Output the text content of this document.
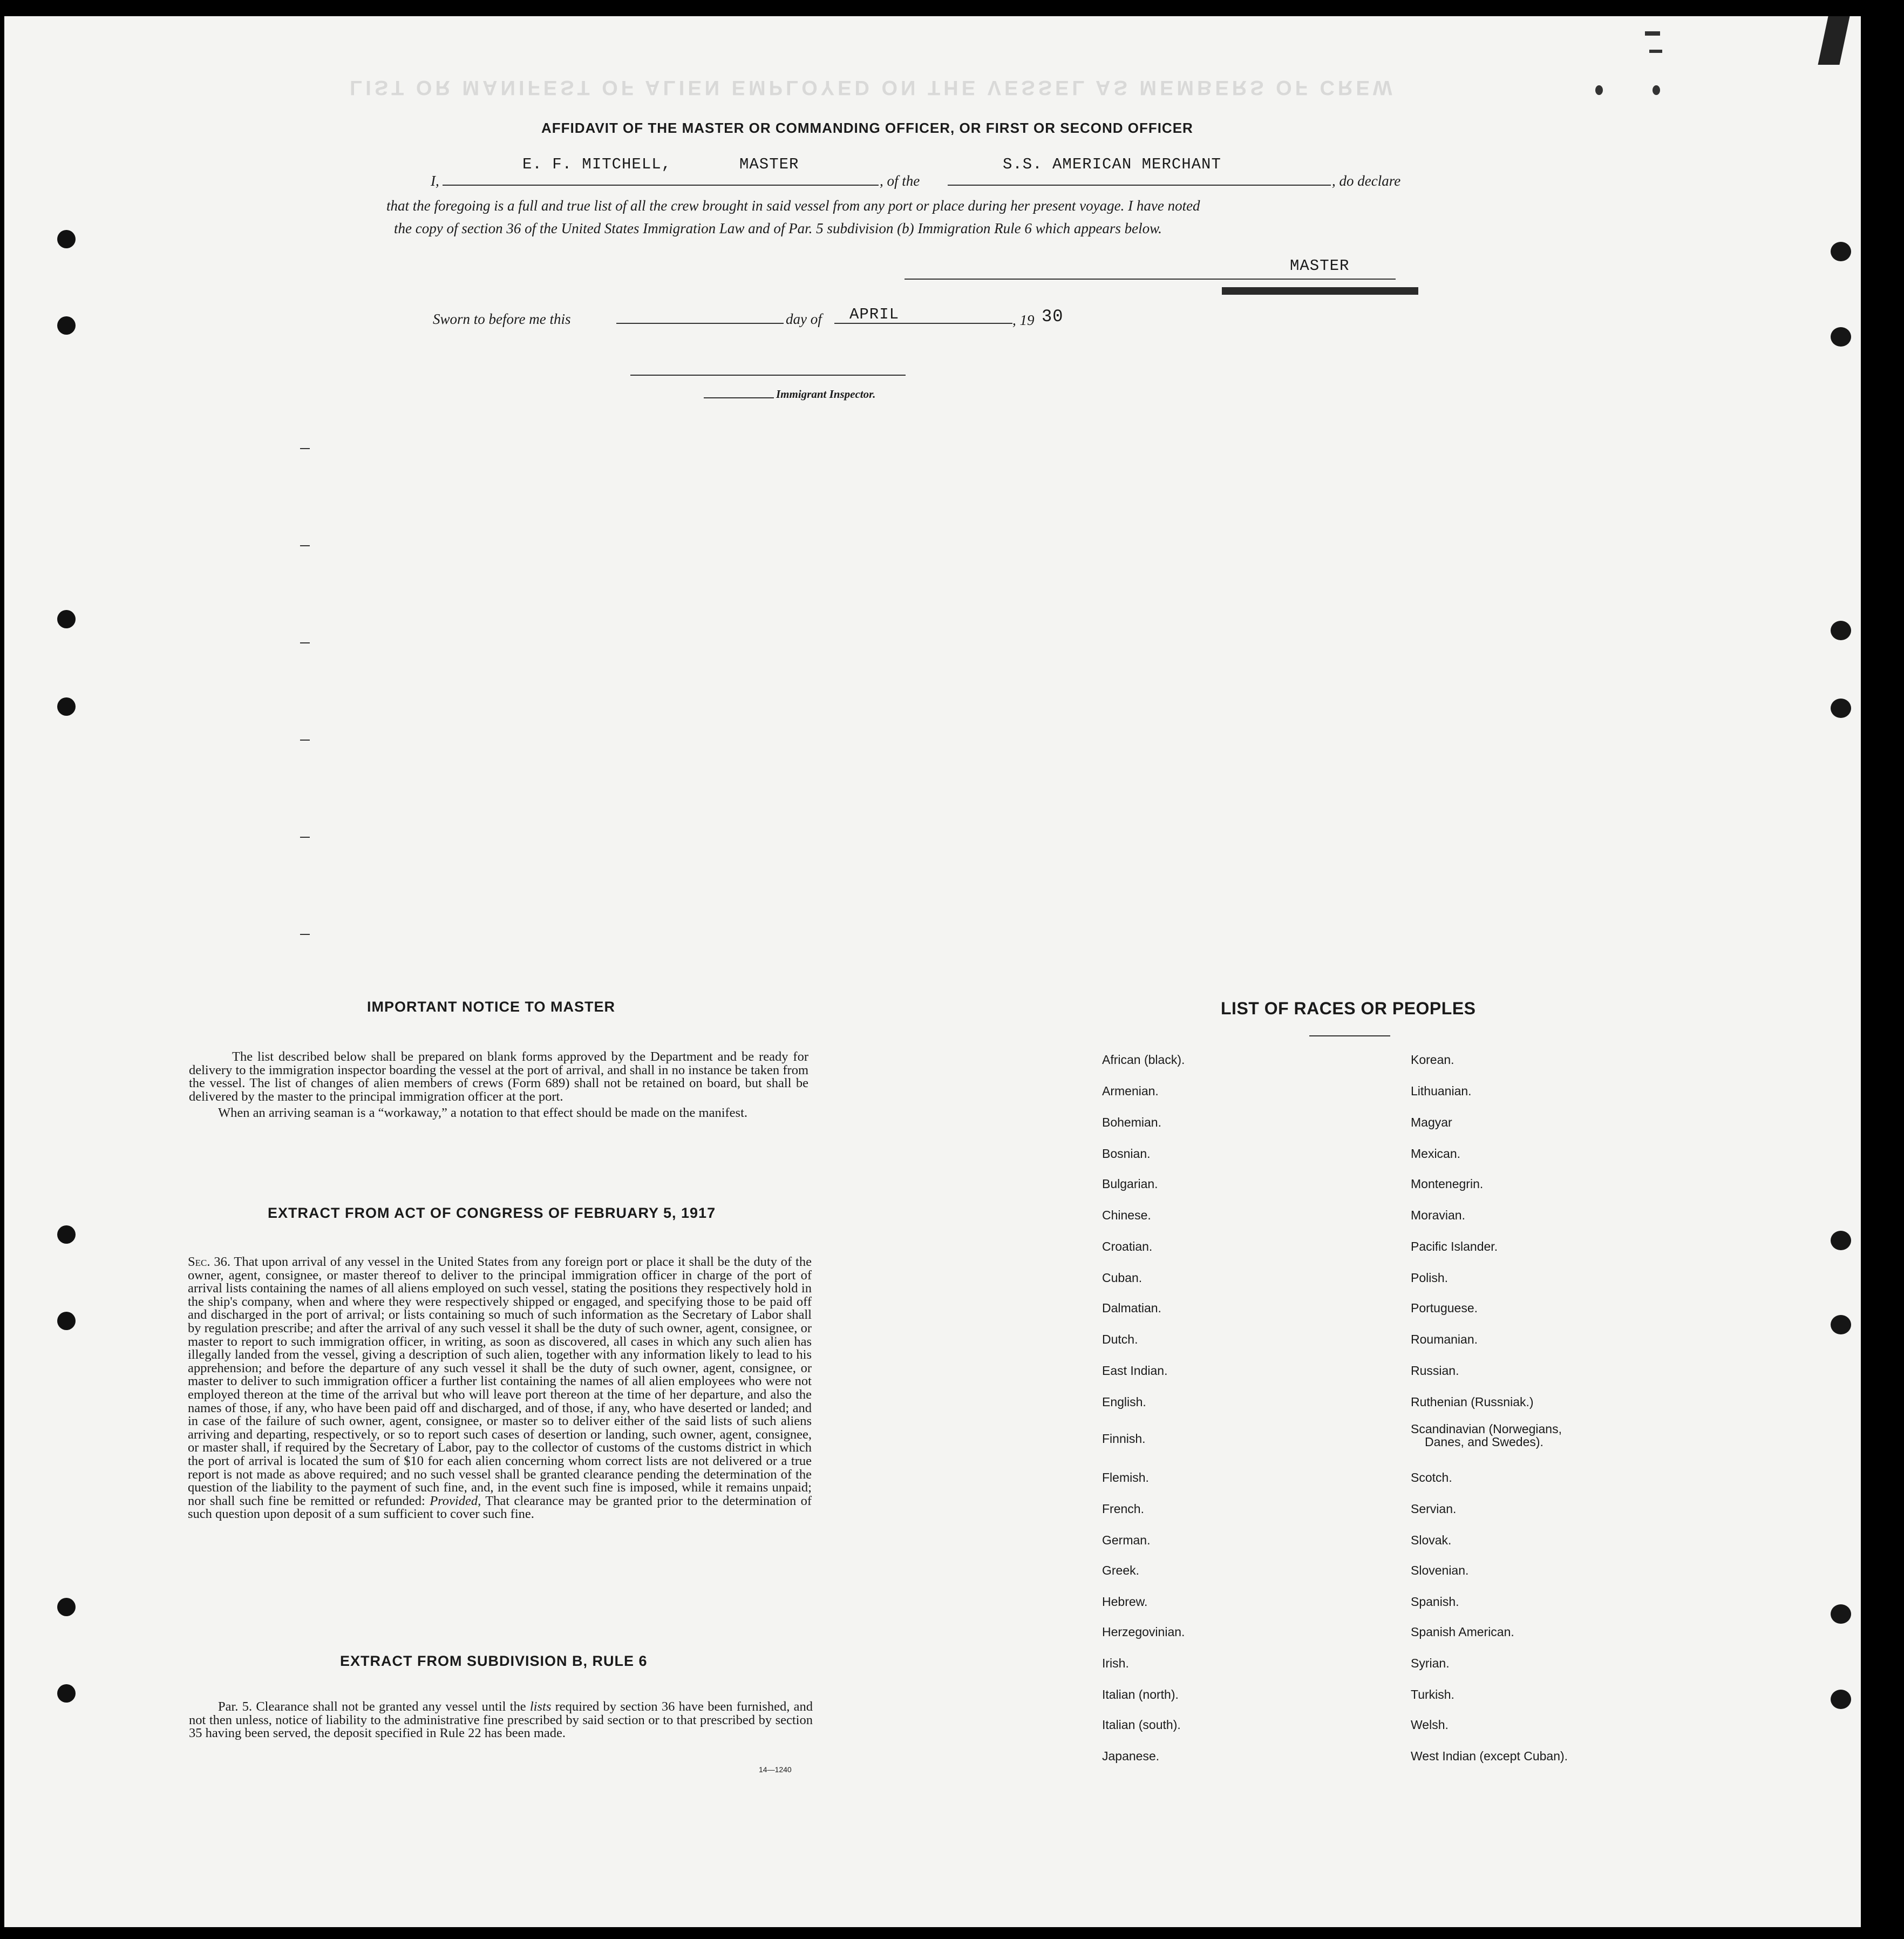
LIST OR MANIFEST OF ALIEN EMPLOYED ON THE VESSEL AS MEMBERS OF CREW
AFFIDAVIT OF THE MASTER OR COMMANDING OFFICER, OR FIRST OR SECOND OFFICER
I,
E. F. MITCHELL,	MASTER
, of the
S.S. AMERICAN MERCHANT
, do declare
that the foregoing is a full and true list of all the crew brought in said vessel from any port or place during her present voyage. I have noted
the copy of section 36 of the United States Immigration Law and of Par. 5 subdivision (b) Immigration Rule 6 which appears below.
MASTER
Sworn to before me this	day of APRIL	, 19 30
Immigrant Inspector.
IMPORTANT NOTICE TO MASTER

The list described below shall be prepared on blank forms approved by the Department and be ready for delivery to the immigration inspector boarding the vessel at the port of arrival, and shall in no instance be taken from the vessel. The list of changes of alien members of crews (Form 689) shall not be retained on board, but shall be delivered by the master to the principal immigration officer at the port.

When an arriving seaman is a “workaway,” a notation to that effect should be made on the manifest.

EXTRACT FROM ACT OF CONGRESS OF FEBRUARY 5, 1917

Sec. 36. That upon arrival of any vessel in the United States from any foreign port or place it shall be the duty of the owner, agent, consignee, or master thereof to deliver to the principal immigration officer in charge of the port of arrival lists containing the names of all aliens employed on such vessel, stating the positions they respectively hold in the ship's company, when and where they were respectively shipped or engaged, and specifying those to be paid off and discharged in the port of arrival; or lists containing so much of such information as the Secretary of Labor shall by regulation prescribe; and after the arrival of any such vessel it shall be the duty of such owner, agent, consignee, or master to report to such immigration officer, in writing, as soon as discovered, all cases in which any such alien has illegally landed from the vessel, giving a description of such alien, together with any information likely to lead to his apprehension; and before the departure of any such vessel it shall be the duty of such owner, agent, consignee, or master to deliver to such immigration officer a further list containing the names of all alien employees who were not employed thereon at the time of the arrival but who will leave port thereon at the time of her departure, and also the names of those, if any, who have been paid off and discharged, and of those, if any, who have deserted or landed; and in case of the failure of such owner, agent, consignee, or master so to deliver either of the said lists of such aliens arriving and departing, respectively, or so to report such cases of desertion or landing, such owner, agent, consignee, or master shall, if required by the Secretary of Labor, pay to the collector of customs of the customs district in which the port of arrival is located the sum of $10 for each alien concerning whom correct lists are not delivered or a true report is not made as above required; and no such vessel shall be granted clearance pending the determination of the question of the liability to the payment of such fine, and, in the event such fine is imposed, while it remains unpaid; nor shall such fine be remitted or refunded: Provided, That clearance may be granted prior to the determination of such question upon deposit of a sum sufficient to cover such fine.

EXTRACT FROM SUBDIVISION B, RULE 6

Par. 5. Clearance shall not be granted any vessel until the lists required by section 36 have been furnished, and not then unless, notice of liability to the administrative fine prescribed by said section or to that prescribed by section 35 having been served, the deposit specified in Rule 22 has been made.

14—1240
LIST OF RACES OR PEOPLES
African (black).
Armenian.
Bohemian.
Bosnian.
Bulgarian.
Chinese.
Croatian.
Cuban.
Dalmatian.
Dutch.
East Indian.
English.
Finnish.
Flemish.
French.
German.
Greek.
Hebrew.
Herzegovinian.
Irish.
Italian (north).
Italian (south).
Japanese.
Korean.
Lithuanian.
Magyar
Mexican.
Montenegrin.
Moravian.
Pacific Islander.
Polish.
Portuguese.
Roumanian.
Russian.
Ruthenian (Russniak.)
Scandinavian (Norwegians,
Scotch.
Servian.
Slovak.
Slovenian.
Spanish.
Spanish American.
Syrian.
Turkish.
Welsh.
West Indian (except Cuban).
Danes, and Swedes).
